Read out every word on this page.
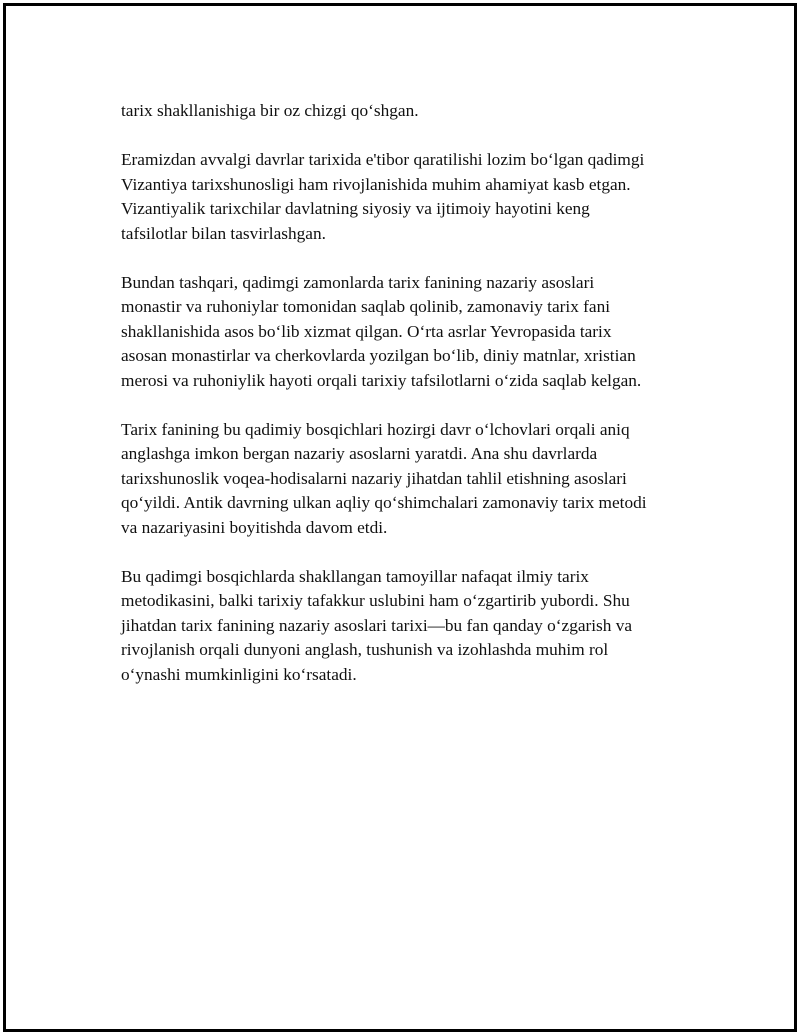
tarix shakllanishiga bir oz chizgi qo‘shgan.

Eramizdan avvalgi davrlar tarixida e'tibor qaratilishi lozim bo‘lgan qadimgi
Vizantiya tarixshunosligi ham rivojlanishida muhim ahamiyat kasb etgan.
Vizantiyalik tarixchilar davlatning siyosiy va ijtimoiy hayotini keng
tafsilotlar bilan tasvirlashgan.

Bundan tashqari, qadimgi zamonlarda tarix fanining nazariy asoslari
monastir va ruhoniylar tomonidan saqlab qolinib, zamonaviy tarix fani
shakllanishida asos bo‘lib xizmat qilgan. O‘rta asrlar Yevropasida tarix
asosan monastirlar va cherkovlarda yozilgan bo‘lib, diniy matnlar, xristian
merosi va ruhoniylik hayoti orqali tarixiy tafsilotlarni o‘zida saqlab kelgan.

Tarix fanining bu qadimiy bosqichlari hozirgi davr o‘lchovlari orqali aniq
anglashga imkon bergan nazariy asoslarni yaratdi. Ana shu davrlarda
tarixshunoslik voqea-hodisalarni nazariy jihatdan tahlil etishning asoslari
qo‘yildi. Antik davrning ulkan aqliy qo‘shimchalari zamonaviy tarix metodi
va nazariyasini boyitishda davom etdi.

Bu qadimgi bosqichlarda shakllangan tamoyillar nafaqat ilmiy tarix
metodikasini, balki tarixiy tafakkur uslubini ham o‘zgartirib yubordi. Shu
jihatdan tarix fanining nazariy asoslari tarixi—bu fan qanday o‘zgarish va
rivojlanish orqali dunyoni anglash, tushunish va izohlashda muhim rol
o‘ynashi mumkinligini ko‘rsatadi.
